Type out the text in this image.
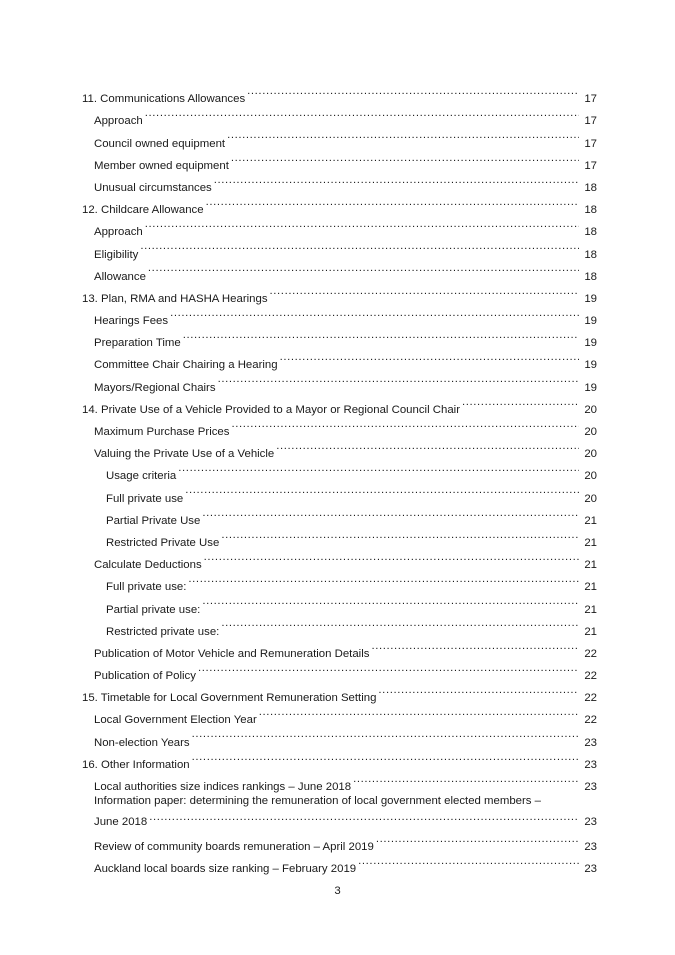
11. Communications Allowances .....	17
Approach .....	17
Council owned equipment .....	17
Member owned equipment .....	17
Unusual circumstances .....	18
12. Childcare Allowance .....	18
Approach .....	18
Eligibility .....	18
Allowance .....	18
13. Plan, RMA and HASHA Hearings .....	19
Hearings Fees .....	19
Preparation Time .....	19
Committee Chair Chairing a Hearing .....	19
Mayors/Regional Chairs .....	19
14. Private Use of a Vehicle Provided to a Mayor or Regional Council Chair .....	20
Maximum Purchase Prices .....	20
Valuing the Private Use of a Vehicle .....	20
Usage criteria .....	20
Full private use .....	20
Partial Private Use .....	21
Restricted Private Use .....	21
Calculate Deductions .....	21
Full private use: .....	21
Partial private use: .....	21
Restricted private use: .....	21
Publication of Motor Vehicle and Remuneration Details .....	22
Publication of Policy .....	22
15. Timetable for Local Government Remuneration Setting .....	22
Local Government Election Year .....	22
Non-election Years .....	23
16. Other Information .....	23
Local authorities size indices rankings – June 2018 .....	23
Information paper: determining the remuneration of local government elected members –
June 2018 .....	23
Review of community boards remuneration – April 2019 .....	23
Auckland local boards size ranking – February 2019 .....	23
3
